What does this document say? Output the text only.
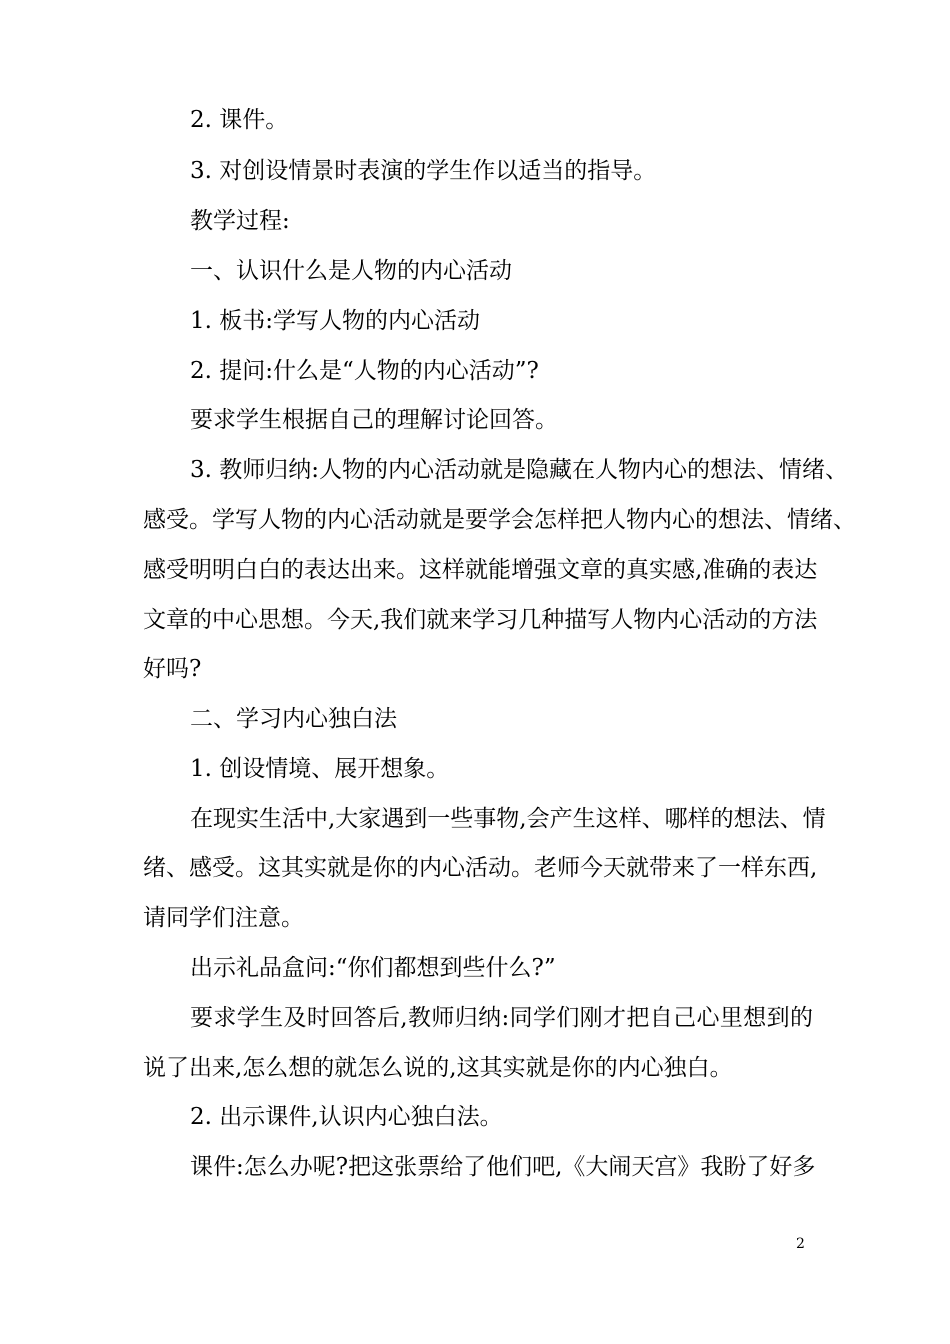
2. 课件。
3. 对创设情景时表演的学生作以适当的指导。
教学过程:
一、认识什么是人物的内心活动
1. 板书:学写人物的内心活动
2. 提问:什么是“人物的内心活动”?
要求学生根据自己的理解讨论回答。
3. 教师归纳:人物的内心活动就是隐藏在人物内心的想法、情绪、
感受。学写人物的内心活动就是要学会怎样把人物内心的想法、情绪、
感受明明白白的表达出来。这样就能增强文章的真实感,准确的表达
文章的中心思想。今天,我们就来学习几种描写人物内心活动的方法
好吗?
二、学习内心独白法
1. 创设情境、展开想象。
在现实生活中,大家遇到一些事物,会产生这样、哪样的想法、情
绪、感受。这其实就是你的内心活动。老师今天就带来了一样东西,
请同学们注意。
出示礼品盒问:“你们都想到些什么?”
要求学生及时回答后,教师归纳:同学们刚才把自己心里想到的
说了出来,怎么想的就怎么说的,这其实就是你的内心独白。
2. 出示课件,认识内心独白法。
课件:怎么办呢?把这张票给了他们吧,《大闹天宫》我盼了好多
2
